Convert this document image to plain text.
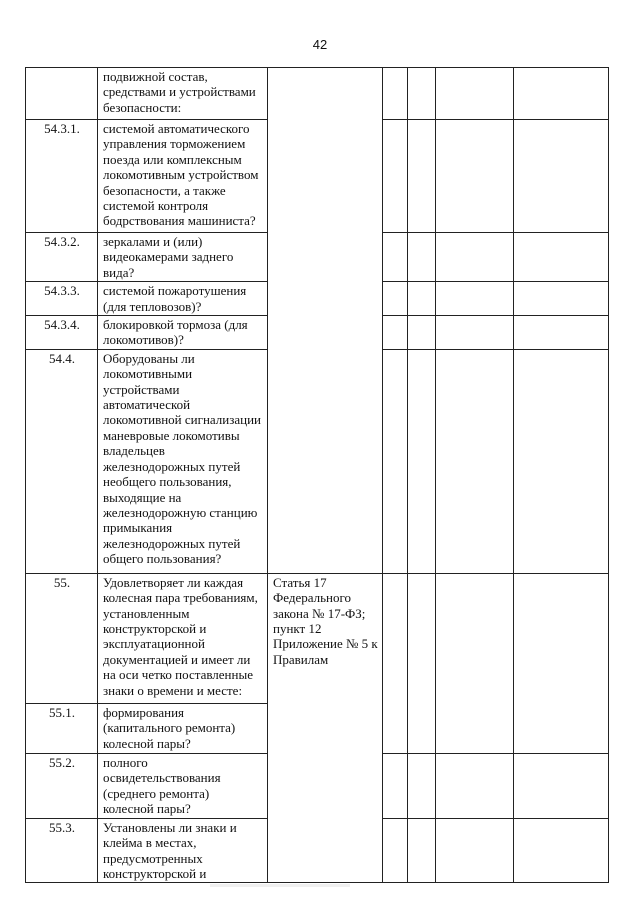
42
	подвижной состав, средствами и устройствами безопасности:					
54.3.1.	системой автоматического управления торможением поезда или комплексным локомотивным устройством безопасности, а также системой контроля бодрствования машиниста?					
54.3.2.	зеркалами и (или) видеокамерами заднего вида?					
54.3.3.	системой пожаротушения (для тепловозов)?					
54.3.4.	блокировкой тормоза (для локомотивов)?					
54.4.	Оборудованы ли локомотивными устройствами автоматической локомотивной сигнализации маневровые локомотивы владельцев железнодорожных путей необщего пользования, выходящие на железнодорожную станцию примыкания железнодорожных путей общего пользования?					
55.	Удовлетворяет ли каждая колесная пара требованиям, установленным конструкторской и эксплуатационной документацией и имеет ли на оси четко поставленные знаки о времени и месте:	Статья 17 Федерального закона № 17-ФЗ; пункт 12 Приложение № 5 к Правилам				
55.1.	формирования (капитального ремонта) колесной пары?					
55.2.	полного освидетельствования (среднего ремонта) колесной пары?					
55.3.	Установлены ли знаки и клейма в местах, предусмотренных конструкторской и					
